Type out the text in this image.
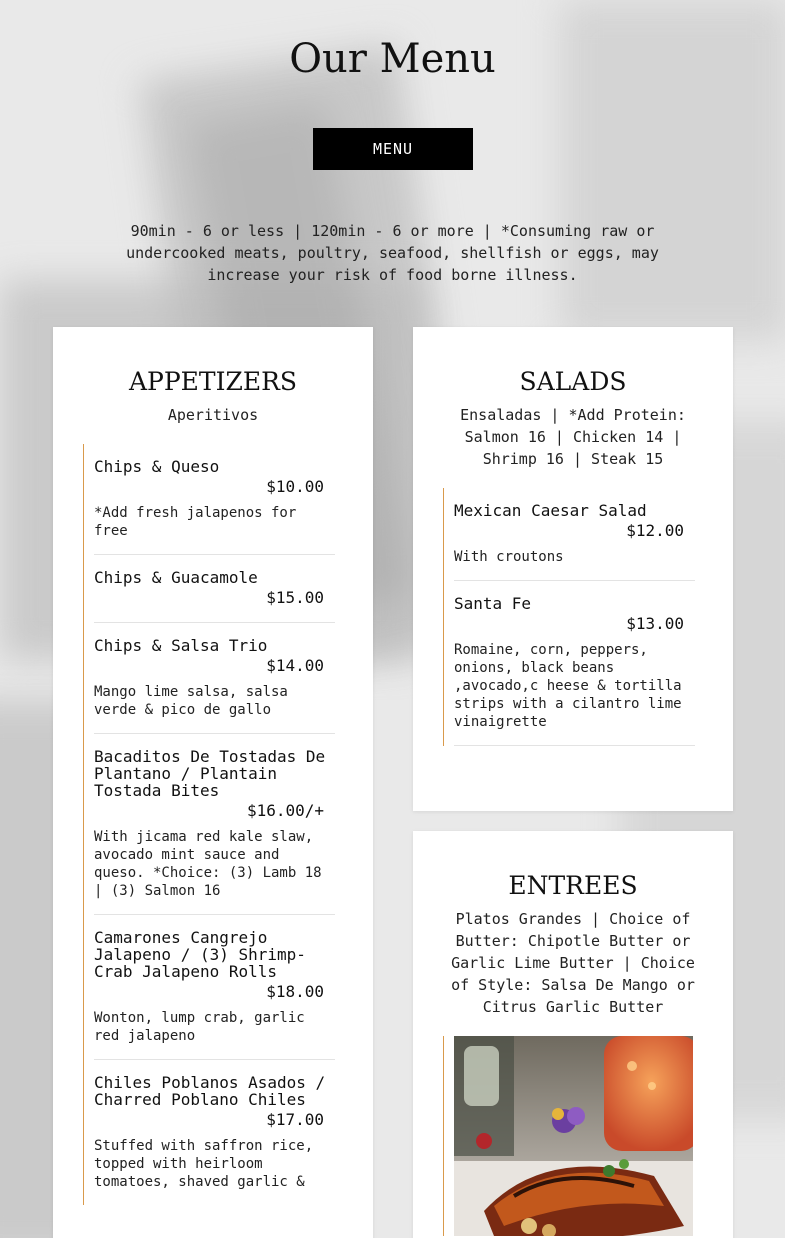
Our Menu
MENU

90min - 6 or less | 120min - 6 or more | *Consuming raw or undercooked meats, poultry, seafood, shellfish or eggs, may increase your risk of food borne illness.

APPETIZERS

Aperitivos

Chips & Queso
$10.00
*Add fresh jalapenos for free
Chips & Guacamole
$15.00
Chips & Salsa Trio
$14.00
Mango lime salsa, salsa verde & pico de gallo
Bacaditos De Tostadas De Plantano / Plantain Tostada Bites
$16.00/+
With jicama red kale slaw, avocado mint sauce and queso. *Choice: (3) Lamb 18 | (3) Salmon 16
Camarones Cangrejo Jalapeno / (3) Shrimp-Crab Jalapeno Rolls
$18.00
Wonton, lump crab, garlic red jalapeno
Chiles Poblanos Asados / Charred Poblano Chiles
$17.00
Stuffed with saffron rice, topped with heirloom tomatoes, shaved garlic &
SALADS

Ensaladas | *Add Protein: Salmon 16 | Chicken 14 | Shrimp 16 | Steak 15

Mexican Caesar Salad
$12.00
With croutons
Santa Fe
$13.00
Romaine, corn, peppers, onions, black beans ,avocado,c heese & tortilla strips with a cilantro lime vinaigrette
ENTREES

Platos Grandes | Choice of Butter: Chipotle Butter or Garlic Lime Butter | Choice of Style: Salsa De Mango or Citrus Garlic Butter
